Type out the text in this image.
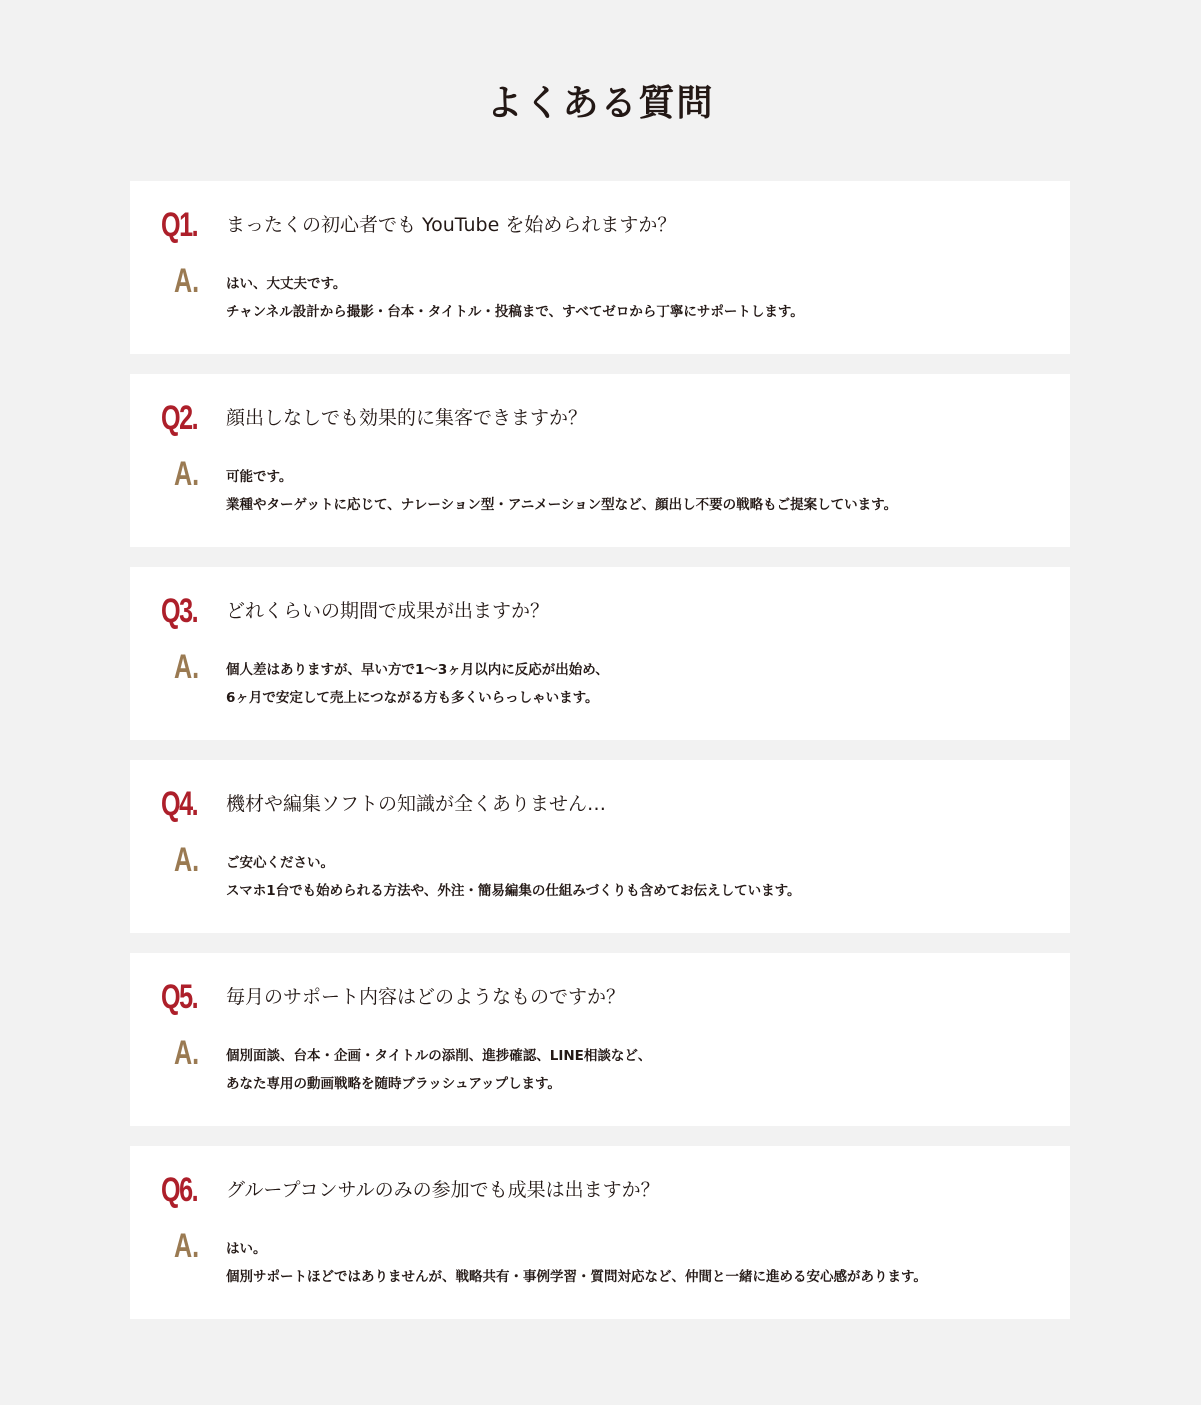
よくある質問
Q1. まったくの初心者でも YouTube を始められますか？
A. はい、大丈夫です。
チャンネル設計から撮影・台本・タイトル・投稿まで、すべてゼロから丁寧にサポートします。
Q2. 顔出しなしでも効果的に集客できますか？
A. 可能です。
業種やターゲットに応じて、ナレーション型・アニメーション型など、顔出し不要の戦略もご提案しています。
Q3. どれくらいの期間で成果が出ますか？
A. 個人差はありますが、早い方で1〜3ヶ月以内に反応が出始め、
6ヶ月で安定して売上につながる方も多くいらっしゃいます。
Q4. 機材や編集ソフトの知識が全くありません…
A. ご安心ください。
スマホ1台でも始められる方法や、外注・簡易編集の仕組みづくりも含めてお伝えしています。
Q5. 毎月のサポート内容はどのようなものですか？
A. 個別面談、台本・企画・タイトルの添削、進捗確認、LINE相談など、
あなた専用の動画戦略を随時ブラッシュアップします。
Q6. グループコンサルのみの参加でも成果は出ますか？
A. はい。
個別サポートほどではありませんが、戦略共有・事例学習・質問対応など、仲間と一緒に進める安心感があります。
